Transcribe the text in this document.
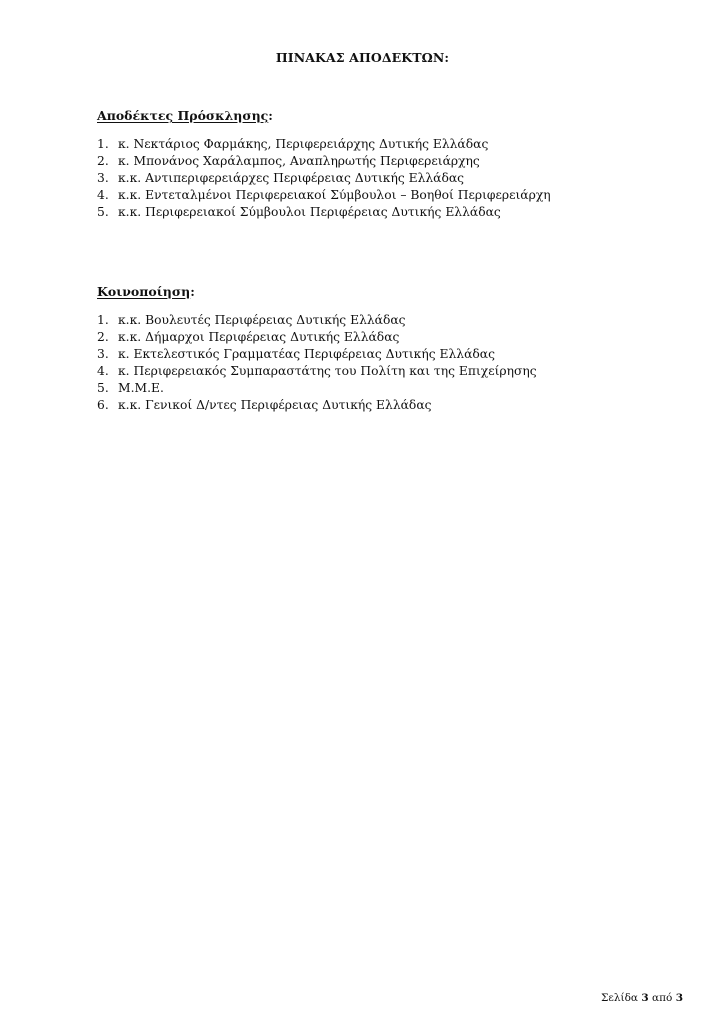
ΠΙΝΑΚΑΣ ΑΠΟΔΕΚΤΩΝ:
Αποδέκτες Πρόσκλησης:
1. κ. Νεκτάριος Φαρμάκης, Περιφερειάρχης Δυτικής Ελλάδας
2. κ. Μπονάνος Χαράλαμπος, Αναπληρωτής Περιφερειάρχης
3. κ.κ. Αντιπεριφερειάρχες Περιφέρειας Δυτικής Ελλάδας
4. κ.κ. Εντεταλμένοι Περιφερειακοί Σύμβουλοι – Βοηθοί Περιφερειάρχη
5. κ.κ. Περιφερειακοί Σύμβουλοι Περιφέρειας Δυτικής Ελλάδας
Κοινοποίηση:
1. κ.κ. Βουλευτές Περιφέρειας Δυτικής Ελλάδας
2. κ.κ. Δήμαρχοι Περιφέρειας Δυτικής Ελλάδας
3. κ. Εκτελεστικός Γραμματέας Περιφέρειας Δυτικής Ελλάδας
4. κ. Περιφερειακός Συμπαραστάτης του Πολίτη και της Επιχείρησης
5. Μ.Μ.Ε.
6. κ.κ. Γενικοί Δ/ντες Περιφέρειας Δυτικής Ελλάδας
Σελίδα 3 από 3
